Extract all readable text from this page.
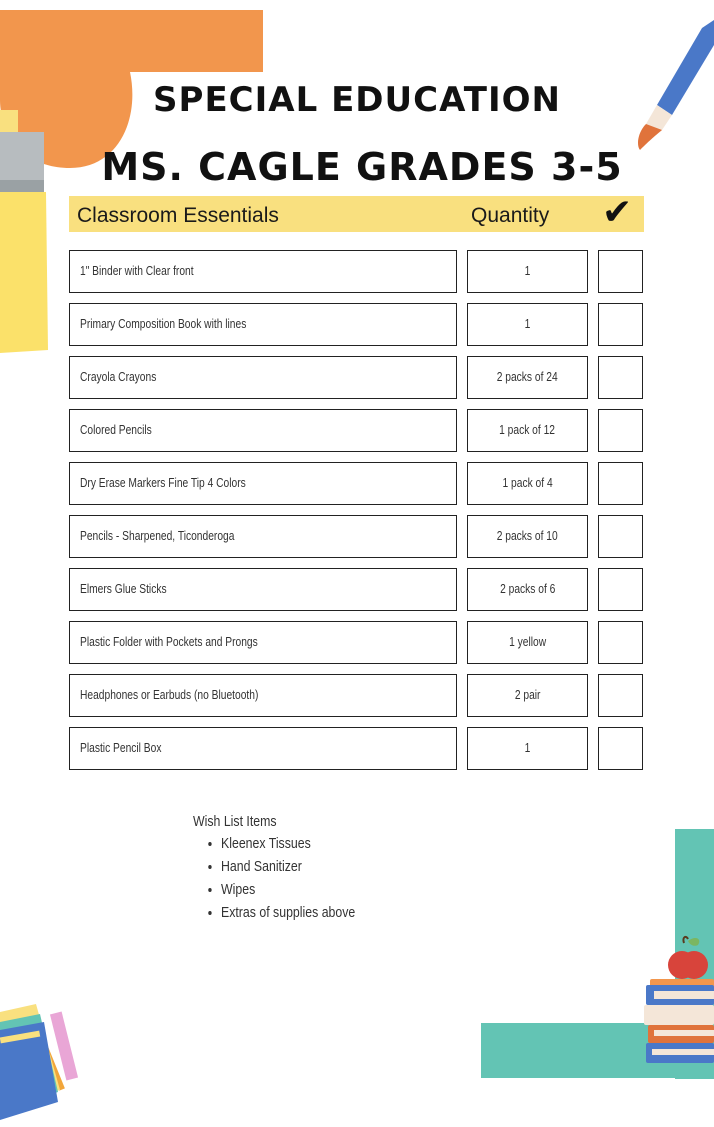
SPECIAL EDUCATION
MS. CAGLE GRADES 3-5
Classroom Essentials	Quantity ✔
1" Binder with Clear front	1
Primary Composition Book with lines	1
Crayola Crayons	2 packs of 24
Colored Pencils	1 pack of 12
Dry Erase Markers Fine Tip 4 Colors	1 pack of 4
Pencils - Sharpened, Ticonderoga	2 packs of 10
Elmers Glue Sticks	2 packs of 6
Plastic Folder with Pockets and Prongs	1 yellow
Headphones or Earbuds (no Bluetooth)	2 pair
Plastic Pencil Box	1
Wish List Items
• Kleenex Tissues
• Hand Sanitizer
• Wipes
• Extras of supplies above
